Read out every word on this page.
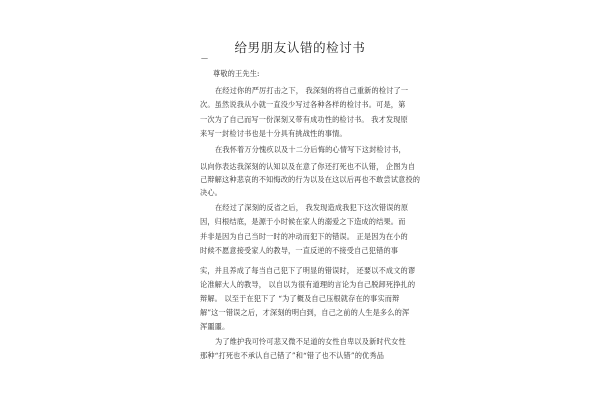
给男朋友认错的检讨书
—
尊敬的王先生:
在经过你的严厉打击之下， 我深刻的将自己重新的检讨了一
次。虽然说我从小就一直没少写过各种各样的检讨书。可是，第
一次为了自己而写一份深刻又带有成功性的检讨书。 我才发现原
来写一封检讨书也是十分具有挑战性的事情。
在我怀着万分愧疚以及十二分后悔的心情写下这封检讨书，
以向你表达我深刻的认知以及在意了你还打死也不认错， 企图为自
己辩解这种悲哀的不知悔改的行为以及在这以后再也不敢尝试意投的
决心。
在经过了深刻的反省之后， 我发现造成我犯下这次错误的原
因，归根结底，是源于小时候在家人的溺爱之下造成的结果。而
并非是因为自己当时一时的冲动而犯下的错误。 正是因为在小的
时候不愿意接受家人的教导，一直反逆的不接受自己犯错的事
实，并且养成了每当自己犯下了明显的错误时， 还要以不成文的谬
论准解大人的教导， 以自以为很有道理的言论为自己脱卸死挣扎的
辩解。 以至于在犯下了 “为了概及自己压根就存在的事实而辩
解”这一错误之后，才深刻的明白到，自己之前的人生是多么的浑
浑噩噩。
为了维护我可怜可悲又微不足道的女性自卑以及新时代女性
那种“打死也不承认自己错了”和“错了也不认错”的优秀品
